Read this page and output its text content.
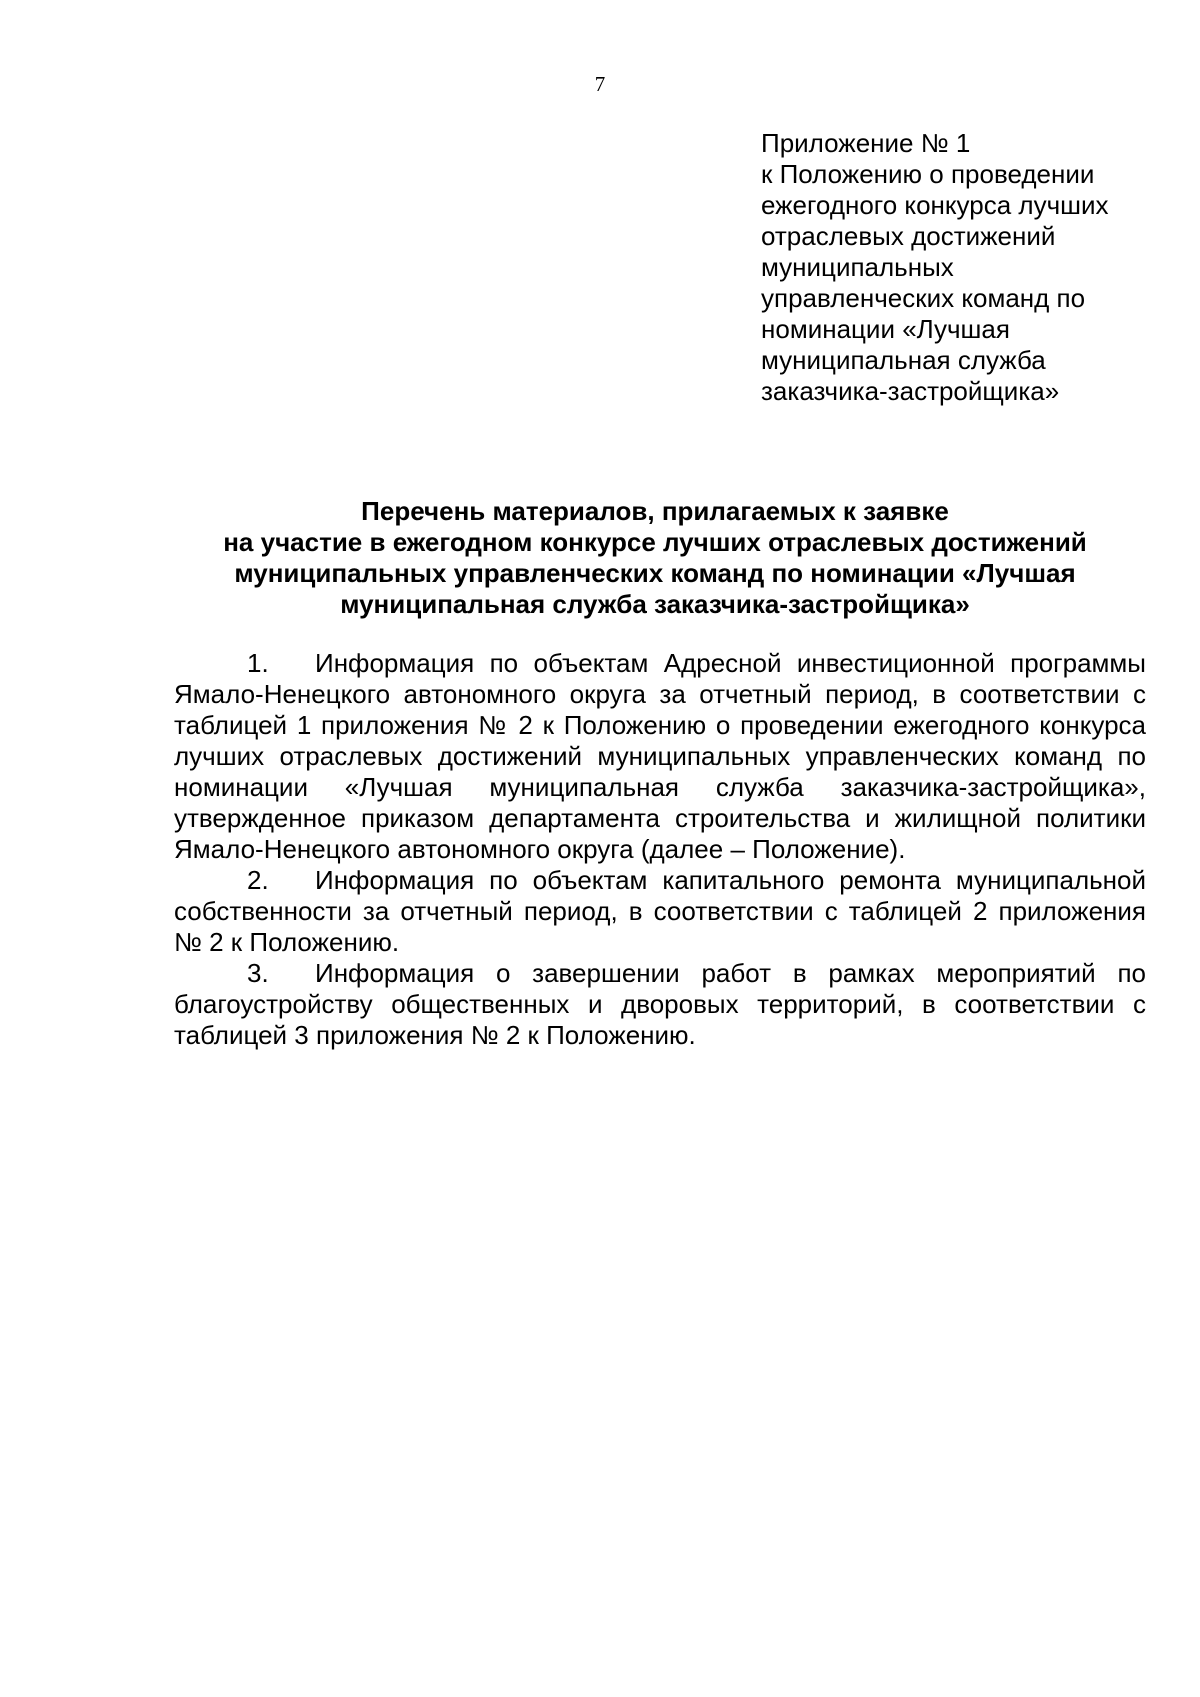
7
Приложение № 1
к Положению о проведении
ежегодного конкурса лучших
отраслевых достижений
муниципальных
управленческих команд по
номинации «Лучшая
муниципальная служба
заказчика-застройщика»
Перечень материалов, прилагаемых к заявке
на участие в ежегодном конкурсе лучших отраслевых достижений
муниципальных управленческих команд по номинации «Лучшая
муниципальная служба заказчика-застройщика»

1. Информация по объектам Адресной инвестиционной программы Ямало-Ненецкого автономного округа за отчетный период, в соответствии с таблицей 1 приложения № 2 к Положению о проведении ежегодного конкурса лучших отраслевых достижений муниципальных управленческих команд по номинации «Лучшая муниципальная служба заказчика-застройщика», утвержденное приказом департамента строительства и жилищной политики Ямало-Ненецкого автономного округа (далее – Положение).

2. Информация по объектам капитального ремонта муниципальной собственности за отчетный период, в соответствии с таблицей 2 приложения № 2 к Положению.

3. Информация о завершении работ в рамках мероприятий по благоустройству общественных и дворовых территорий, в соответствии с таблицей 3 приложения № 2 к Положению.
